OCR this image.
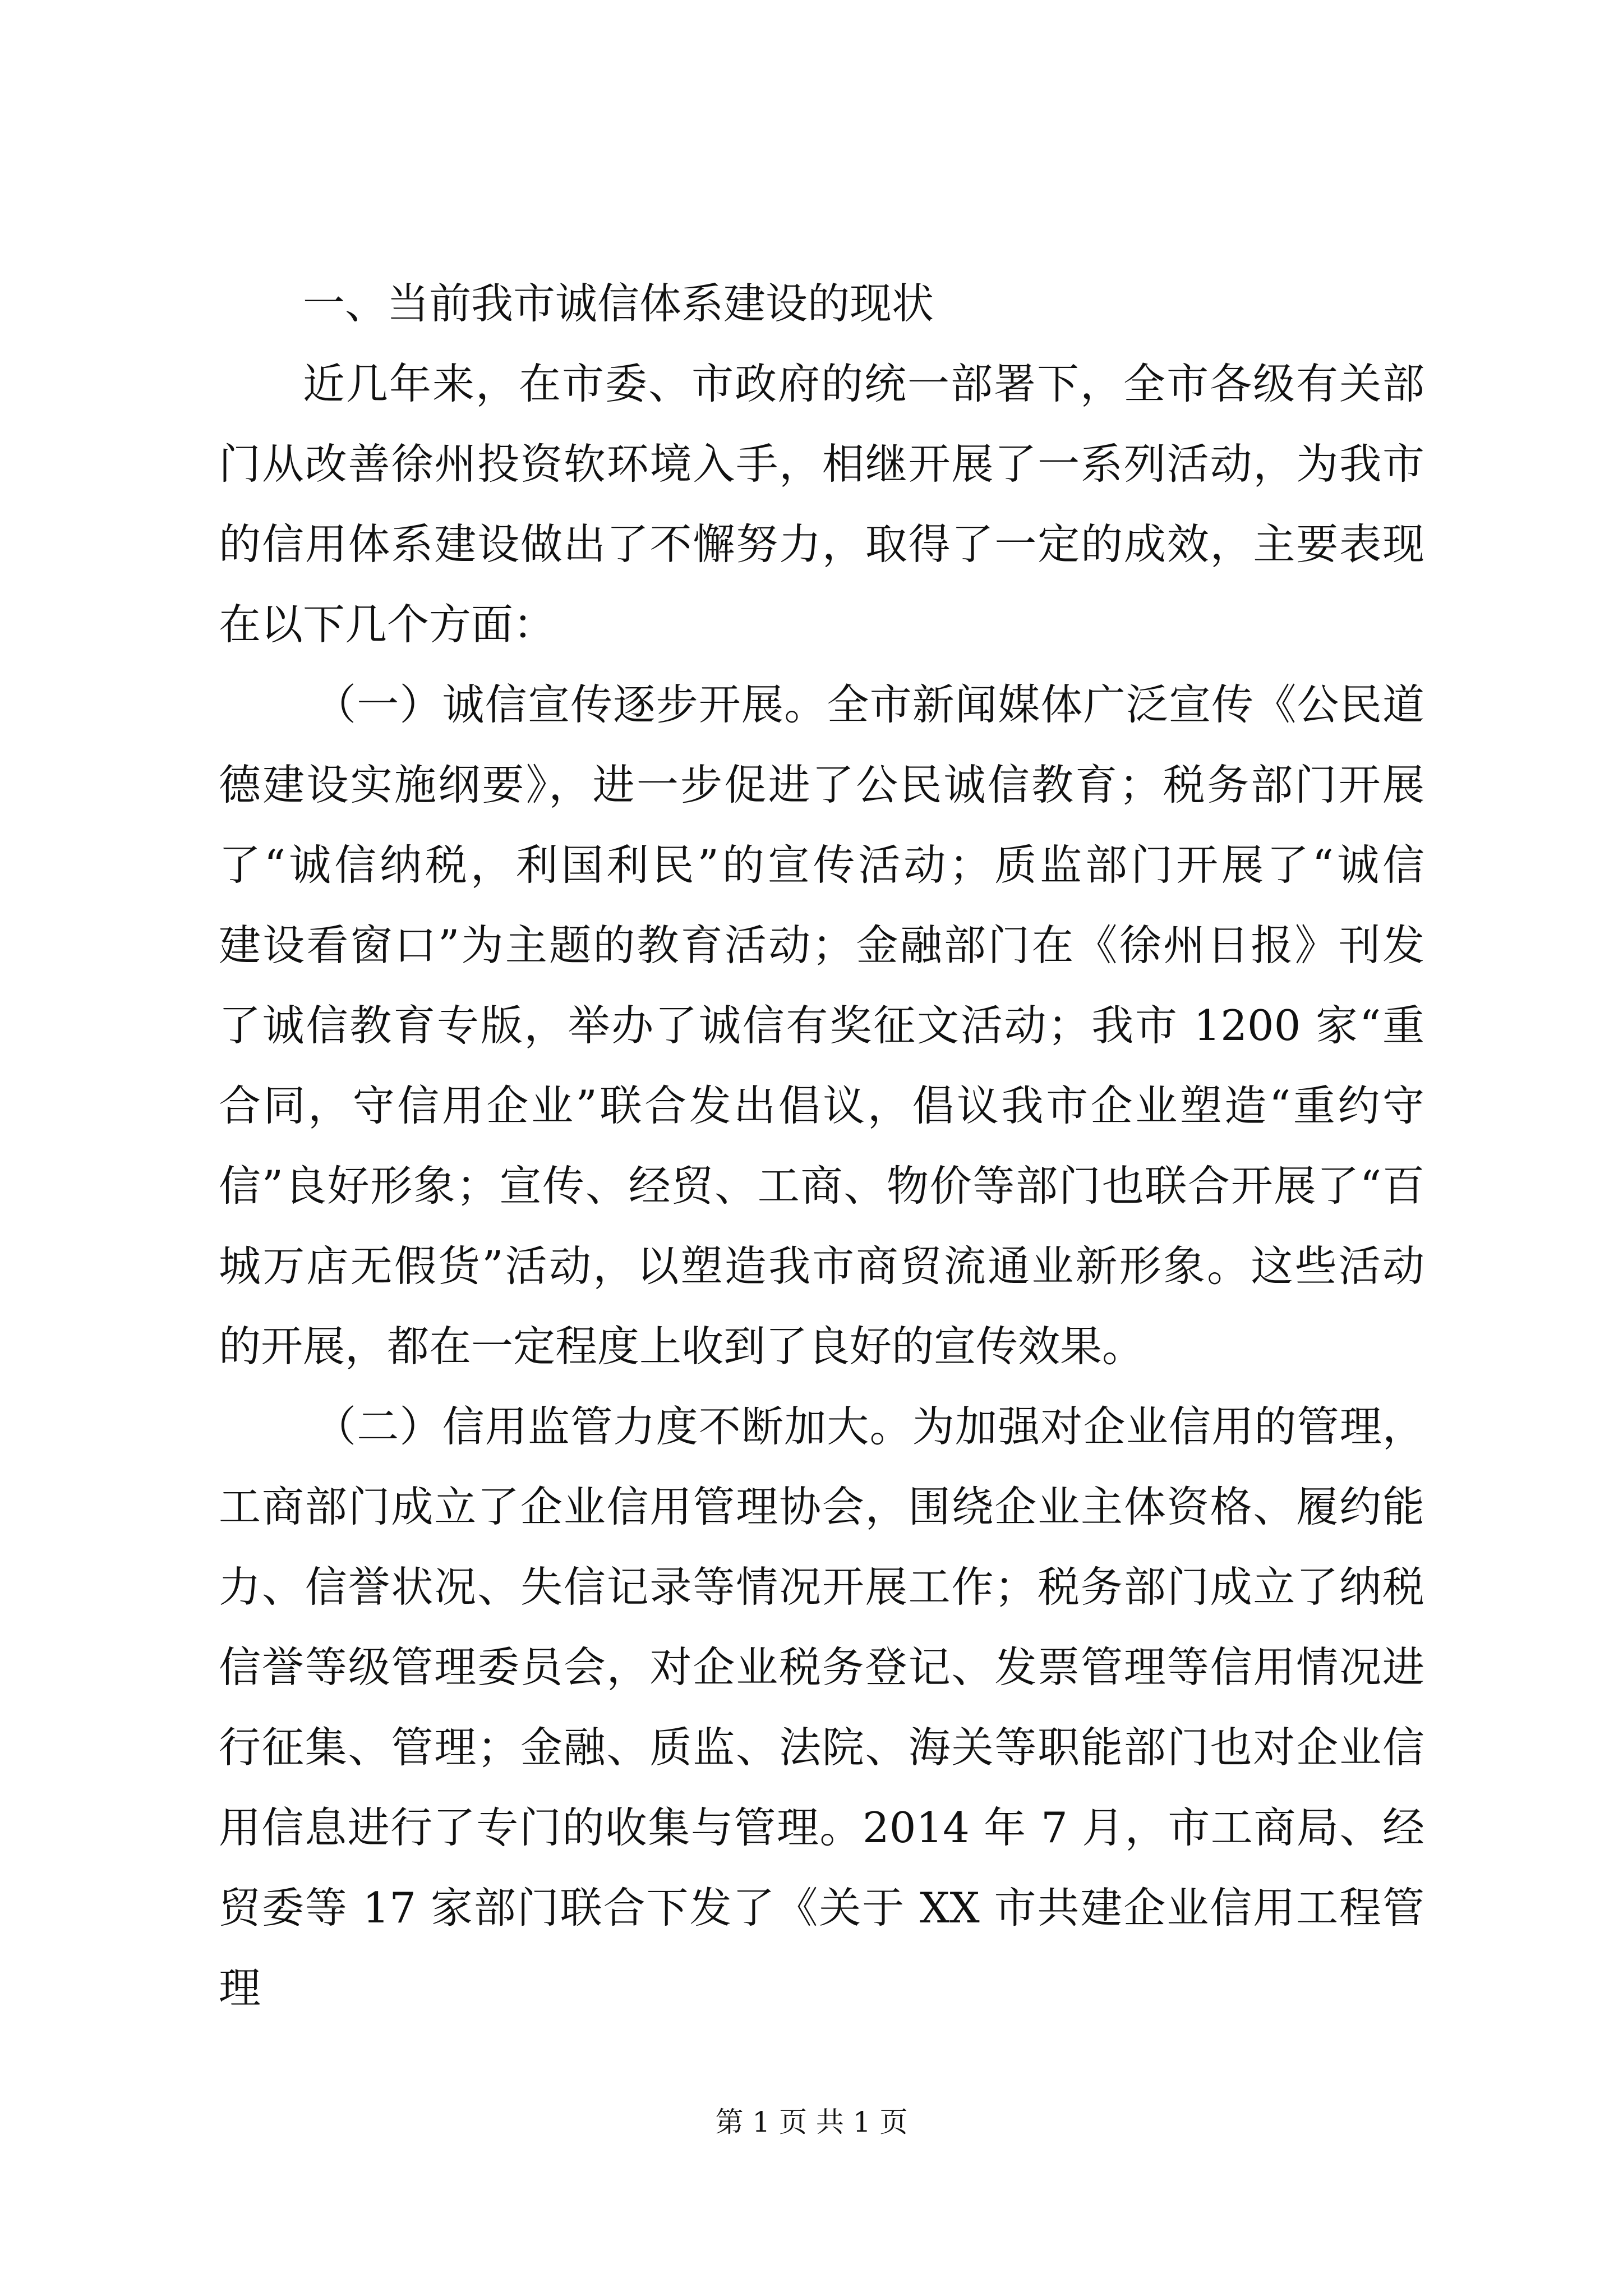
一、当前我市诚信体系建设的现状
近几年来，在市委、市政府的统一部署下，全市各级有关部
门从改善徐州投资软环境入手，相继开展了一系列活动，为我市
的信用体系建设做出了不懈努力，取得了一定的成效，主要表现
在以下几个方面：
（一）诚信宣传逐步开展。全市新闻媒体广泛宣传《公民道
德建设实施纲要》，进一步促进了公民诚信教育；税务部门开展
了“诚信纳税，利国利民”的宣传活动；质监部门开展了“诚信
建设看窗口”为主题的教育活动；金融部门在《徐州日报》刊发
了诚信教育专版，举办了诚信有奖征文活动；我市 1200 家“重
合同，守信用企业”联合发出倡议，倡议我市企业塑造“重约守
信”良好形象；宣传、经贸、工商、物价等部门也联合开展了“百
城万店无假货”活动，以塑造我市商贸流通业新形象。这些活动
的开展，都在一定程度上收到了良好的宣传效果。
（二）信用监管力度不断加大。为加强对企业信用的管理，
工商部门成立了企业信用管理协会，围绕企业主体资格、履约能
力、信誉状况、失信记录等情况开展工作；税务部门成立了纳税
信誉等级管理委员会，对企业税务登记、发票管理等信用情况进
行征集、管理；金融、质监、法院、海关等职能部门也对企业信
用信息进行了专门的收集与管理。2014 年 7 月，市工商局、经
贸委等 17 家部门联合下发了《关于 XX 市共建企业信用工程管理
第 1 页 共 1 页
